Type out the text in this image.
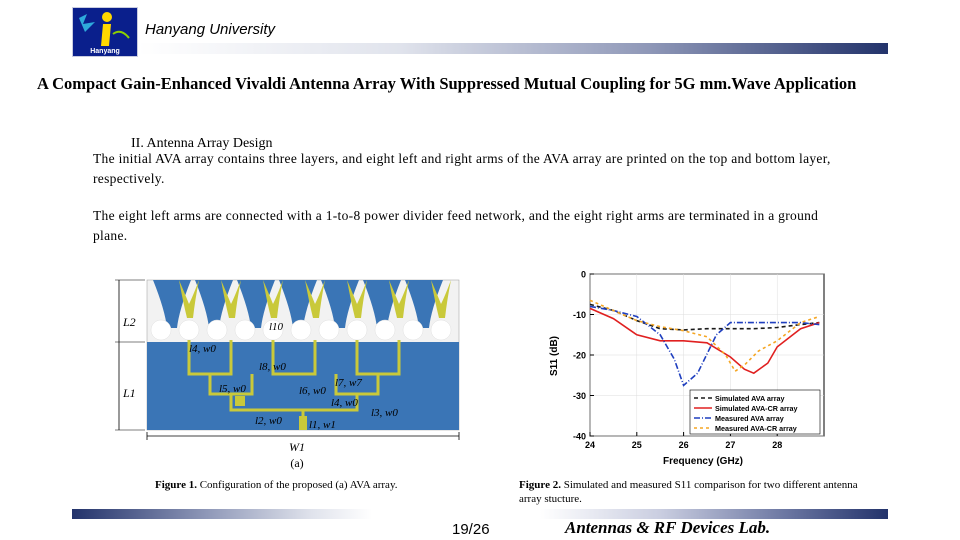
Hanyang
Hanyang University
A Compact Gain-Enhanced Vivaldi Antenna Array With Suppressed Mutual Coupling for 5G mm.Wave Application
II. Antenna Array Design
The initial AVA array contains three layers, and eight left and right arms of the AVA array are printed on the top and bottom layer, respectively.
The eight left arms are connected with a 1-to-8 power divider feed network, and the eight right arms are terminated in a ground plane.
L2
L1
l10
l4, w0
l8, w0
l5, w0	l6, w0
l7, w7
l4, w0
l3, w0
l2, w0 l1, w1
W1
(a)
0
-10
-20
-30
-40
24	25	26	27	28
Frequency (GHz)
S11 (dB)
Simulated AVA array
Simulated AVA-CR array
Measured AVA array
Measured AVA-CR array
Figure 1. Configuration of the proposed (a) AVA array.	Figure 2. Simulated and measured S11 comparison for two different antenna array stucture.
19/26	Antennas & RF Devices Lab.
